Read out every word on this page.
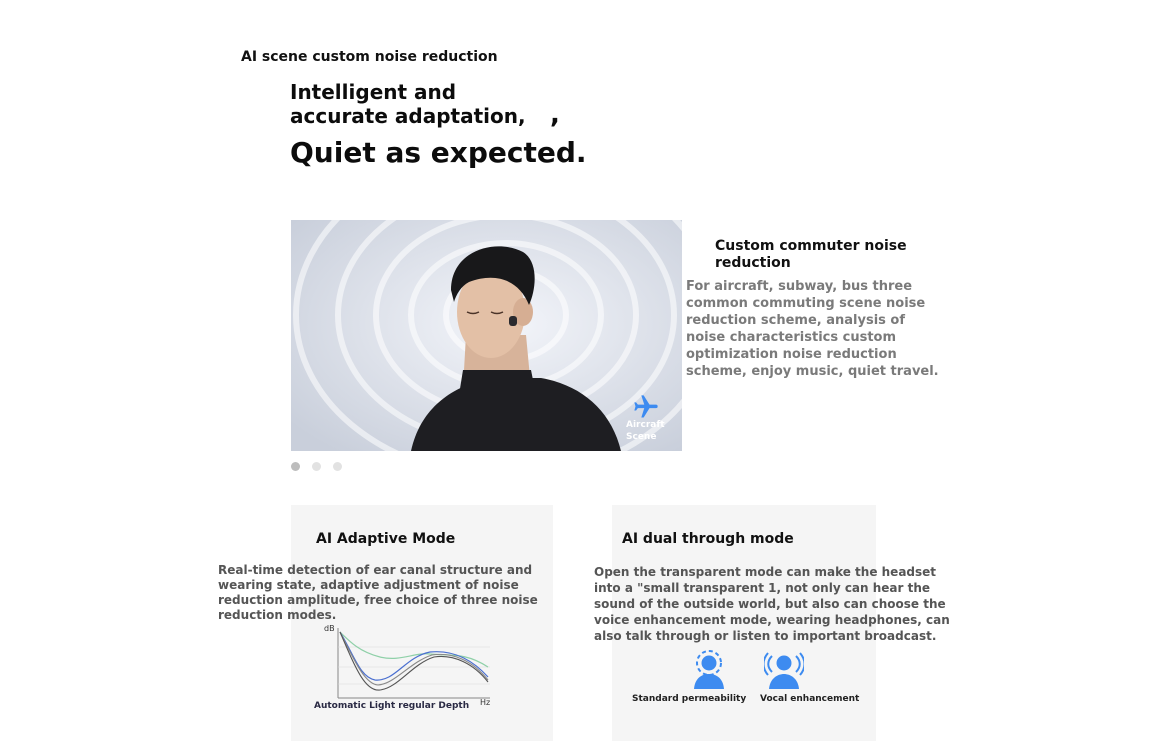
AI scene custom noise reduction
Intelligent and accurate adaptation, ,
Quiet as expected.
Aircraft Scene
Custom commuter noise reduction
For aircraft, subway, bus three common commuting scene noise reduction scheme, analysis of noise characteristics custom optimization noise reduction scheme, enjoy music, quiet travel.
AI Adaptive Mode
Real-time detection of ear canal structure and wearing state, adaptive adjustment of noise reduction amplitude, free choice of three noise reduction modes.
dB
Hz
Automatic Light regular Depth
AI dual through mode
Open the transparent mode can make the headset into a "small transparent 1, not only can hear the sound of the outside world, but also can choose the voice enhancement mode, wearing headphones, can also talk through or listen to important broadcast.
Standard permeability Vocal enhancement
